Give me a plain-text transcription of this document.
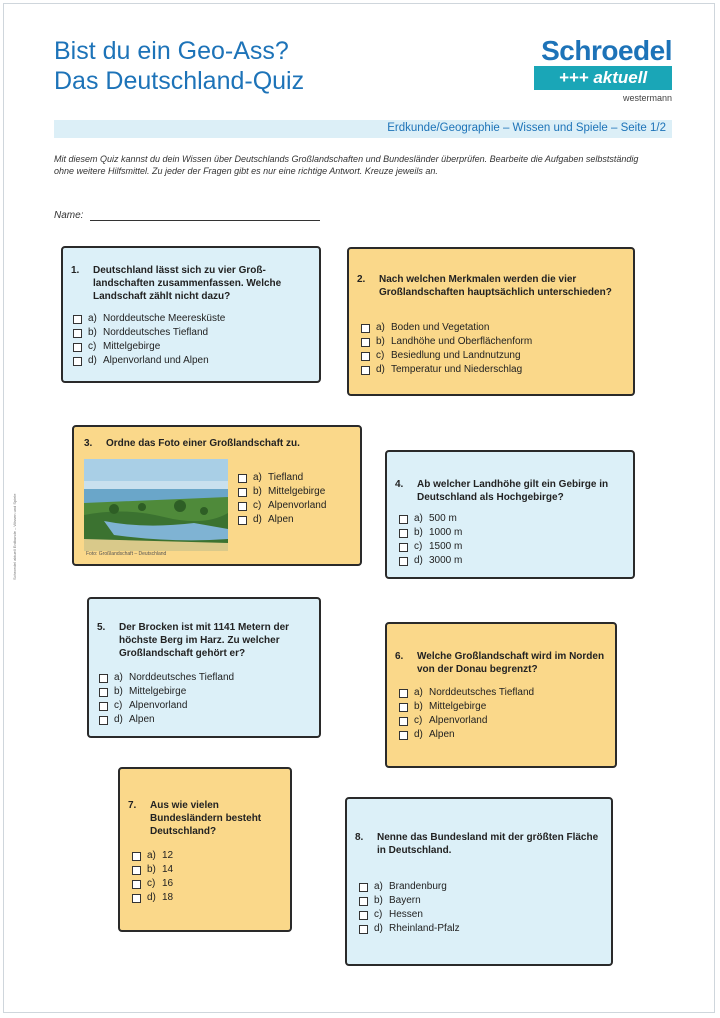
Bist du ein Geo-Ass?
Das Deutschland-Quiz
Schroedel
+++ aktuell
westermann
Erdkunde/Geographie – Wissen und Spiele – Seite 1/2
Mit diesem Quiz kannst du dein Wissen über Deutschlands Großlandschaften und Bundesländer überprüfen. Bearbeite die Aufgaben selbstständig ohne weitere Hilfsmittel. Zu jeder der Fragen gibt es nur eine richtige Antwort. Kreuze jeweils an.
Name:
Schroedel aktuell Erdkunde – Wissen und Spiele
1. Deutschland lässt sich zu vier Groß-landschaften zusammenfassen. Welche Landschaft zählt nicht dazu?
a) Norddeutsche Meeresküste
b) Norddeutsches Tiefland
c) Mittelgebirge
d) Alpenvorland und Alpen
2. Nach welchen Merkmalen werden die vier Großlandschaften hauptsächlich unterschieden?
a) Boden und Vegetation
b) Landhöhe und Oberflächenform
c) Besiedlung und Landnutzung
d) Temperatur und Niederschlag
3. Ordne das Foto einer Großlandschaft zu.
Foto: Großlandschaft – Deutschland
a) Tiefland
b) Mittelgebirge
c) Alpenvorland
d) Alpen
4. Ab welcher Landhöhe gilt ein Gebirge in Deutschland als Hochgebirge?
a) 500 m
b) 1000 m
c) 1500 m
d) 3000 m
5. Der Brocken ist mit 1141 Metern der höchste Berg im Harz. Zu welcher Großlandschaft gehört er?
a) Norddeutsches Tiefland
b) Mittelgebirge
c) Alpenvorland
d) Alpen
6. Welche Großlandschaft wird im Norden von der Donau begrenzt?
a) Norddeutsches Tiefland
b) Mittelgebirge
c) Alpenvorland
d) Alpen
7. Aus wie vielen Bundesländern besteht Deutschland?
a) 12
b) 14
c) 16
d) 18
8. Nenne das Bundesland mit der größten Fläche in Deutschland.
a) Brandenburg
b) Bayern
c) Hessen
d) Rheinland-Pfalz
